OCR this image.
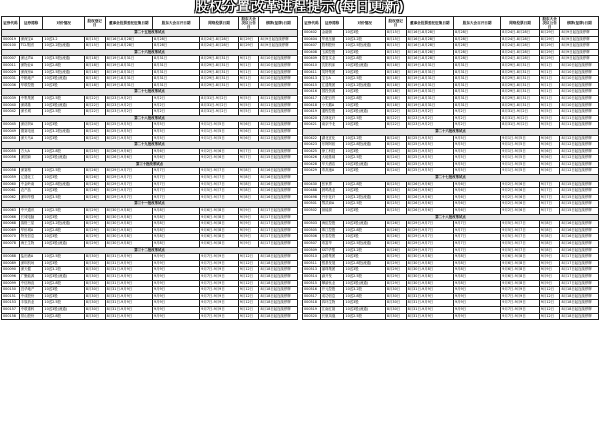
股权分置改革进程提示(每日更新)
证券代码	证券简称	对价情况	股权登记日	董事会投票委托征集日期	股东大会召开日期	网络投票日期	股东大会决议公告日	停牌(复牌)日期
第二十五批改革试点								
000019	深深宝A	10送3.2	8月15日	8月16日-8月28日	8月28日	8月24日-8月28日	8月29日	8月9日起连续停牌
000100	TCL集团	10送2.2股(流通)	8月15日	8月16日-8月28日	8月28日	8月24日-8月28日	8月29日	8月9日起连续停牌
第二十六批改革试点								
000007	深达声A	10送3.5股(流通)	8月18日	8月19日-8月31日	8月31日	8月29日-8月31日	9月1日	8月10日起连续停牌
000011	深物业A	10送2.8股	8月18日	8月19日-8月31日	8月31日	8月29日-8月31日	9月1日	8月10日起连续停牌
000029	深深房A	10送2.5股(流通)	8月18日	8月19日-8月31日	8月31日	8月29日-8月31日	9月1日	8月10日起连续停牌
000031	中粮地产	10送3股(流通)	8月18日	8月19日-8月31日	8月31日	8月29日-8月31日	9月1日	8月10日起连续停牌
000036	华联控股	10送3股	8月18日	8月19日-8月31日	8月31日	8月29日-8月31日	9月1日	8月10日起连续停牌
第二十七批改革试点								
000039	中集集团	10送2.5股	8月22日	8月23日-9月2日	9月2日	8月31日-9月2日	9月5日	8月11日起连续停牌
000040	深鸿基	10送3股(流通)	8月22日	8月23日-9月2日	9月2日	8月31日-9月2日	9月5日	8月11日起连续停牌
000042	深长城	10送2.5股	8月22日	8月23日-9月2日	9月2日	8月31日-9月2日	9月5日	8月11日起连续停牌
第二十八批改革试点								
000045	深纺织A	10送3股	8月24日	8月25日-9月5日	9月5日	9月1日-9月5日	9月6日	8月12日起连续停牌
000049	德赛电池	10送3.2股(流通)	8月24日	8月25日-9月5日	9月5日	9月1日-9月5日	9月6日	8月12日起连续停牌
000050	深天马A	10送3股	8月24日	8月25日-9月5日	9月5日	9月1日-9月5日	9月6日	8月12日起连续停牌
第二十九批改革试点								
000055	方大A	10送2.8股	8月25日	8月26日-9月6日	9月6日	9月2日-9月6日	9月7日	8月15日起连续停牌
000056	深国商	10送3股(流通)	8月25日	8月26日-9月6日	9月6日	9月2日-9月6日	9月7日	8月15日起连续停牌
第三十批改革试点								
000058	深赛格	10送2.5股	8月26日	8月29日-9月7日	9月7日	9月5日-9月7日	9月8日	8月16日起连续停牌
000059	辽通化工	10送3股	8月26日	8月29日-9月7日	9月7日	9月5日-9月7日	9月8日	8月16日起连续停牌
000060	中金岭南	10送2.8股(流通)	8月26日	8月29日-9月7日	9月7日	9月5日-9月7日	9月8日	8月16日起连续停牌
000061	农产品	10送3股	8月26日	8月29日-9月7日	9月7日	9月5日-9月7日	9月8日	8月16日起连续停牌
000062	深圳华强	10送3.5股	8月26日	8月29日-9月7日	9月7日	9月5日-9月7日	9月8日	8月16日起连续停牌
第三十一批改革试点								
000063	中兴通讯	10送2.5股	8月29日	8月30日-9月8日	9月8日	9月6日-9月8日	9月9日	8月17日起连续停牌
000066	长城电脑	10送3股	8月29日	8月30日-9月8日	9月8日	9月6日-9月8日	9月9日	8月17日起连续停牌
000068	赛格三星	10送3.2股(流通)	8月29日	8月30日-9月8日	9月8日	9月6日-9月8日	9月9日	8月17日起连续停牌
000069	华侨城A	10送2.8股	8月29日	8月30日-9月8日	9月8日	9月6日-9月8日	9月9日	8月17日起连续停牌
000070	特发信息	10送3股	8月29日	8月30日-9月8日	9月8日	9月6日-9月8日	9月9日	8月17日起连续停牌
000078	海王生物	10送3股(流通)	8月29日	8月30日-9月8日	9月8日	9月6日-9月8日	9月9日	8月17日起连续停牌
第三十二批改革试点								
000088	盐田港A	10送2.5股	8月30日	8月31日-9月9日	9月9日	9月7日-9月9日	9月12日	8月18日起连续停牌
000089	深圳机场	10送3股	8月30日	8月31日-9月9日	9月9日	9月7日-9月9日	9月12日	8月18日起连续停牌
000090	深天健	10送3.2股	8月30日	8月31日-9月9日	9月9日	9月7日-9月9日	9月12日	8月18日起连续停牌
000096	广聚能源	10送3股(流通)	8月30日	8月31日-9月9日	9月9日	9月7日-9月9日	9月12日	8月18日起连续停牌
000099	中信海直	10送2.8股	8月30日	8月31日-9月9日	9月9日	9月7日-9月9日	9月12日	8月18日起连续停牌
000150	宜华地产	10送3股	8月30日	8月31日-9月9日	9月9日	9月7日-9月9日	9月12日	8月18日起连续停牌
000151	中成股份	10送3股	8月30日	8月31日-9月9日	9月9日	9月7日-9月9日	9月12日	8月18日起连续停牌
000153	丰原药业	10送2.5股	8月30日	8月31日-9月9日	9月9日	9月7日-9月9日	9月12日	8月18日起连续停牌
000157	中联重科	10送3股(流通)	8月30日	8月31日-9月9日	9月9日	9月7日-9月9日	9月12日	8月18日起连续停牌
000158	常山股份	10送2.8股	8月30日	8月31日-9月9日	9月9日	9月7日-9月9日	9月12日	8月18日起连续停牌
证券代码	证券简称	对价情况	股权登记日	董事会投票委托征集日期	股东大会召开日期	网络投票日期	股东大会决议公告日	停牌(复牌)日期
000402	金融街	10送3股	8月15日	8月16日-8月28日	8月28日	8月24日-8月28日	8月29日	8月9日起连续停牌
000404	华意压缩	10送3.2股	8月15日	8月16日-8月28日	8月28日	8月24日-8月28日	8月29日	8月9日起连续停牌
000407	胜利股份	10送2.5股(流通)	8月15日	8月16日-8月28日	8月28日	8月24日-8月28日	8月29日	8月9日起连续停牌
000408	玉源控股	10送3股	8月15日	8月16日-8月28日	8月28日	8月24日-8月28日	8月29日	8月9日起连续停牌
000409	泰复实业	10送2.8股	8月15日	8月16日-8月28日	8月28日	8月24日-8月28日	8月29日	8月9日起连续停牌
000410	沈阳机床	10送3股(流通)	8月18日	8月19日-8月31日	8月31日	8月29日-8月31日	9月1日	8月10日起连续停牌
000411	英特集团	10送3股	8月18日	8月19日-8月31日	8月31日	8月29日-8月31日	9月1日	8月10日起连续停牌
000413	宝石A	10送2.5股	8月18日	8月19日-8月31日	8月31日	8月29日-8月31日	9月1日	8月10日起连续停牌
000415	汇通集团	10送3.2股(流通)	8月18日	8月19日-8月31日	8月31日	8月29日-8月31日	9月1日	8月10日起连续停牌
000416	国投资源	10送3股	8月18日	8月19日-8月31日	8月31日	8月29日-8月31日	9月1日	8月10日起连续停牌
000417	合肥百货	10送2.8股	8月18日	8月19日-8月31日	8月31日	8月29日-8月31日	9月1日	8月10日起连续停牌
000418	小天鹅A	10送3股	8月18日	8月19日-8月31日	8月31日	8月29日-8月31日	9月1日	8月10日起连续停牌
000419	通程控股	10送3股(流通)	8月22日	8月23日-9月2日	9月2日	8月31日-9月2日	9月5日	8月11日起连续停牌
000420	吉林化纤	10送2.5股	8月22日	8月23日-9月2日	9月2日	8月31日-9月2日	9月5日	8月11日起连续停牌
000421	南京中北	10送3股	8月22日	8月23日-9月2日	9月2日	8月31日-9月2日	9月5日	8月11日起连续停牌
第二十六批改革试点								
000422	湖北宜化	10送3.2股	8月24日	8月25日-9月5日	9月5日	9月1日-9月5日	9月6日	8月12日起连续停牌
000423	东阿阿胶	10送2.8股(流通)	8月24日	8月25日-9月5日	9月5日	9月1日-9月5日	9月6日	8月12日起连续停牌
000425	徐工科技	10送3股	8月24日	8月25日-9月5日	9月5日	9月1日-9月5日	9月6日	8月12日起连续停牌
000426	大地基础	10送2.5股	8月24日	8月25日-9月5日	9月5日	9月1日-9月5日	9月6日	8月12日起连续停牌
000428	华天酒店	10送3股(流通)	8月24日	8月25日-9月5日	9月5日	9月1日-9月5日	9月6日	8月12日起连续停牌
000429	粤高速A	10送3股	8月24日	8月25日-9月5日	9月5日	9月1日-9月5日	9月6日	8月12日起连续停牌
第二十七批改革试点								
000430	张家界	10送2.8股	8月25日	8月26日-9月6日	9月6日	9月2日-9月6日	9月7日	8月15日起连续停牌
000488	晨鸣纸业	10送3股	8月25日	8月26日-9月6日	9月6日	9月2日-9月6日	9月7日	8月15日起连续停牌
000498	丹东化纤	10送3.2股(流通)	8月25日	8月26日-9月6日	9月6日	9月2日-9月6日	9月7日	8月15日起连续停牌
000501	鄂武商A	10送2.5股	8月25日	8月26日-9月6日	9月6日	9月2日-9月6日	9月7日	8月15日起连续停牌
000502	琼能源	10送3股	8月25日	8月26日-9月6日	9月6日	9月2日-9月6日	9月7日	8月15日起连续停牌
第二十八批改革试点								
000503	海虹控股	10送3股(流通)	8月26日	8月29日-9月7日	9月7日	9月5日-9月7日	9月8日	8月16日起连续停牌
000505	珠江控股	10送2.8股	8月26日	8月29日-9月7日	9月7日	9月5日-9月7日	9月8日	8月16日起连续停牌
000506	东泰控股	10送3股	8月26日	8月29日-9月7日	9月7日	9月5日-9月7日	9月8日	8月16日起连续停牌
000507	粤富华	10送2.5股(流通)	8月26日	8月29日-9月7日	9月7日	9月5日-9月7日	9月8日	8月16日起连续停牌
000509	SST华塑	10送3.2股	8月26日	8月29日-9月7日	9月7日	9月5日-9月7日	9月8日	8月16日起连续停牌
000510	金路集团	10送3股	8月29日	8月30日-9月8日	9月8日	9月6日-9月8日	9月9日	8月17日起连续停牌
000511	银基发展	10送2.8股(流通)	8月29日	8月30日-9月8日	9月8日	9月6日-9月8日	9月9日	8月17日起连续停牌
000513	丽珠集团	10送3股	8月29日	8月30日-9月8日	9月8日	9月6日-9月8日	9月9日	8月17日起连续停牌
000514	渝开发	10送2.5股	8月29日	8月30日-9月8日	9月8日	9月6日-9月8日	9月9日	8月17日起连续停牌
000515	攀渝钛业	10送3股(流通)	8月29日	8月30日-9月8日	9月8日	9月6日-9月8日	9月9日	8月17日起连续停牌
000516	开元控股	10送3.2股	8月30日	8月31日-9月9日	9月9日	9月7日-9月9日	9月12日	8月18日起连续停牌
000517	成功信息	10送2.8股	8月30日	8月31日-9月9日	9月9日	9月7日-9月9日	9月12日	8月18日起连续停牌
000518	四环生物	10送3股	8月30日	8月31日-9月9日	9月9日	9月7日-9月9日	9月12日	8月18日起连续停牌
000519	江南红箭	10送3股(流通)	8月30日	8月31日-9月9日	9月9日	9月7日-9月9日	9月12日	8月18日起连续停牌
000520	长航凤凰	10送2.5股	8月30日	8月31日-9月9日	9月9日	9月7日-9月9日	9月12日	8月18日起连续停牌
